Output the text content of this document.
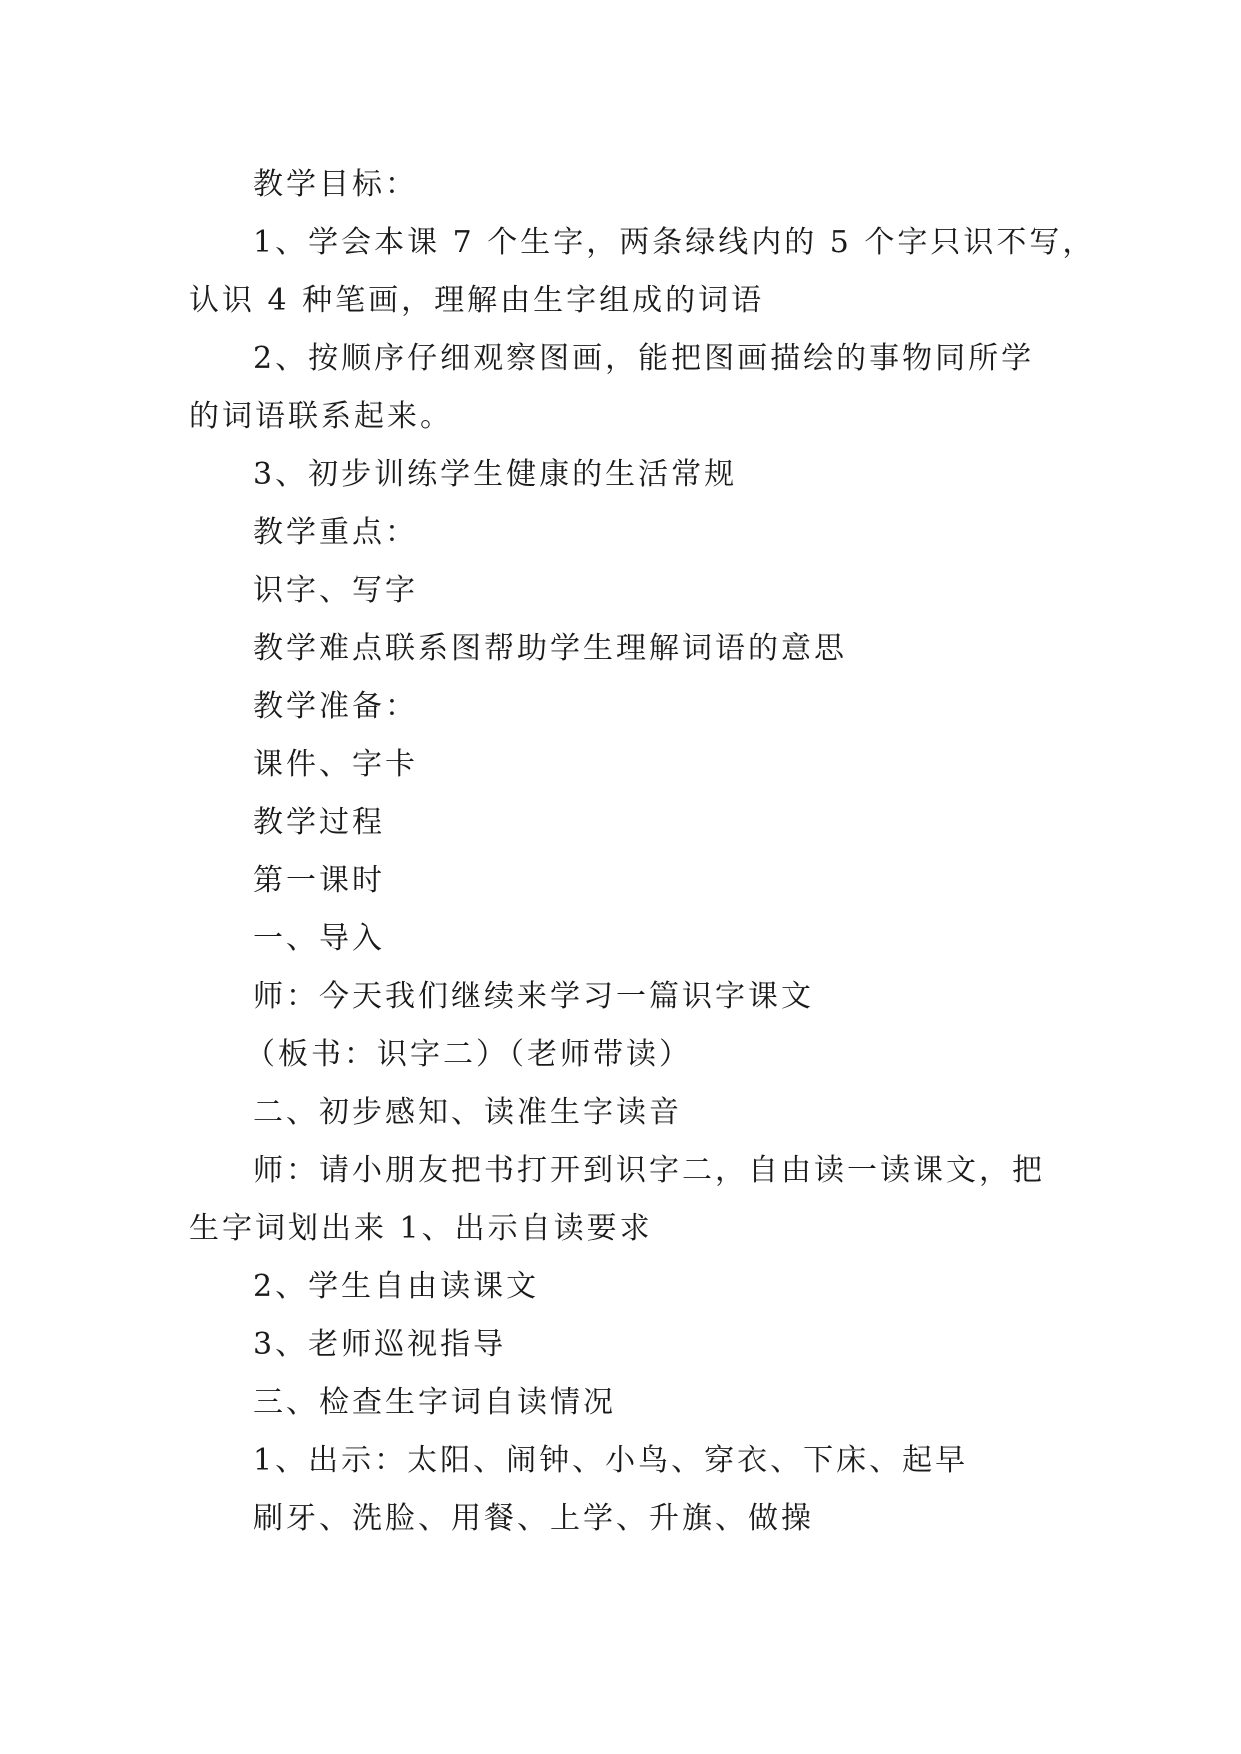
教学目标：
1、学会本课 7 个生字，两条绿线内的 5 个字只识不写，
认识 4 种笔画，理解由生字组成的词语
2、按顺序仔细观察图画，能把图画描绘的事物同所学
的词语联系起来。
3、初步训练学生健康的生活常规
教学重点：
识字、写字
教学难点联系图帮助学生理解词语的意思
教学准备：
课件、字卡
教学过程
第一课时
一、导入
师：今天我们继续来学习一篇识字课文
（板书：识字二）（老师带读）
二、初步感知、读准生字读音
师：请小朋友把书打开到识字二，自由读一读课文，把
生字词划出来 1、出示自读要求
2、学生自由读课文
3、老师巡视指导
三、检查生字词自读情况
1、出示：太阳、闹钟、小鸟、穿衣、下床、起早
刷牙、洗脸、用餐、上学、升旗、做操
